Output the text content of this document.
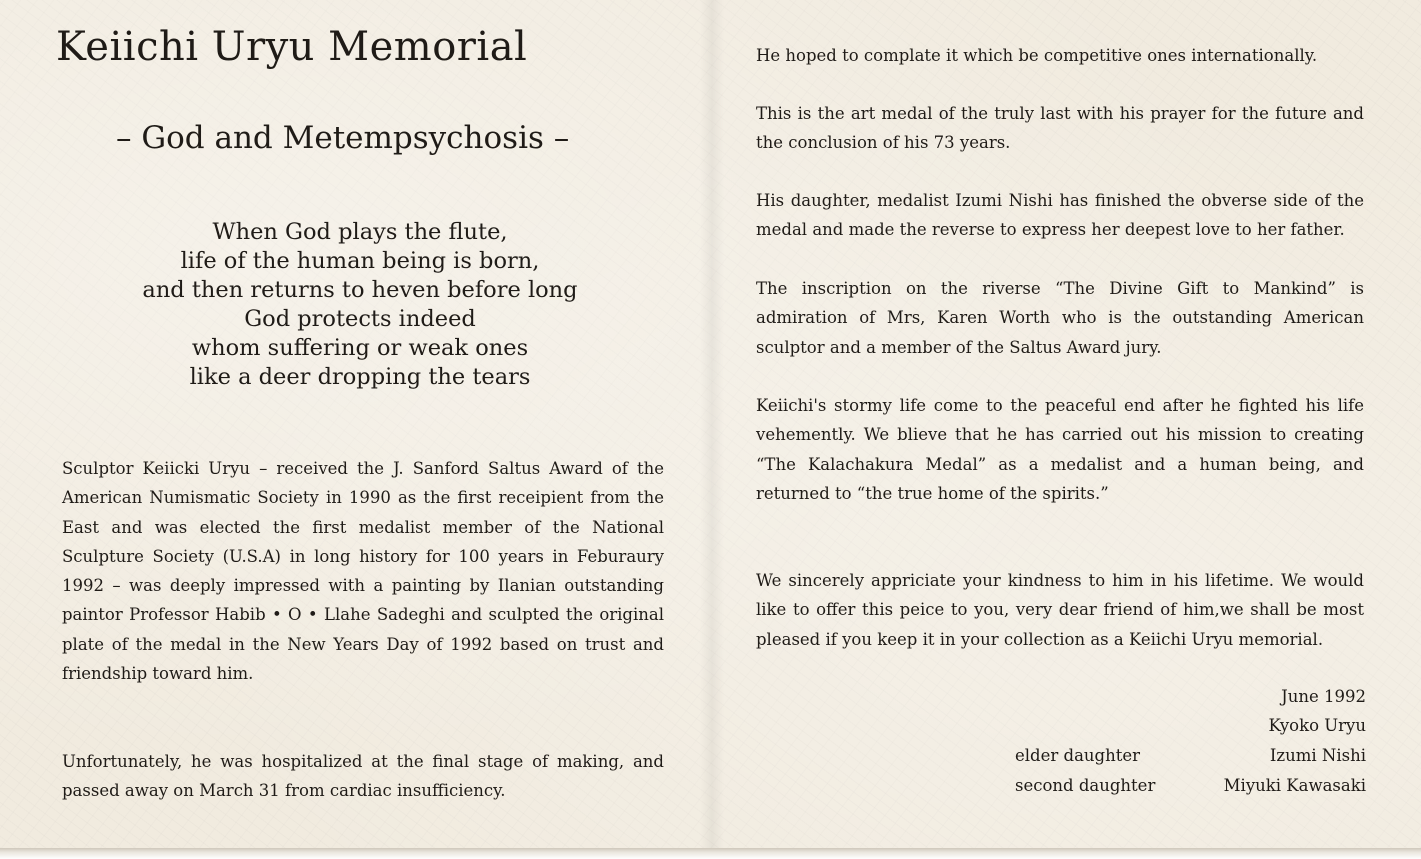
Keiichi Uryu Memorial
– God and Metempsychosis –
When God plays the flute,
life of the human being is born,
and then returns to heven before long
God protects indeed
whom suffering or weak ones
like a deer dropping the tears

Sculptor Keiicki Uryu – received the J. Sanford Saltus Award of the American Numismatic Society in 1990 as the first receipient from the East and was elected the first medalist member of the National Sculpture Society (U.S.A) in long history for 100 years in Feburaury 1992 – was deeply impressed with a painting by Ilanian outstanding paintor Professor Habib • O • Llahe Sadeghi and sculpted the original plate of the medal in the New Years Day of 1992 based on trust and friendship toward him.

Unfortunately, he was hospitalized at the final stage of making, and passed away on March 31 from cardiac insufficiency.

He hoped to complate it which be competitive ones internationally.

This is the art medal of the truly last with his prayer for the future and the conclusion of his 73 years.

His daughter, medalist Izumi Nishi has finished the obverse side of the medal and made the reverse to express her deepest love to her father.

The inscription on the riverse “The Divine Gift to Mankind” is admiration of Mrs, Karen Worth who is the outstanding American sculptor and a member of the Saltus Award jury.

Keiichi's stormy life come to the peaceful end after he fighted his life vehemently. We blieve that he has carried out his mission to creating “The Kalachakura Medal” as a medalist and a human being, and returned to “the true home of the spirits.”

We sincerely appriciate your kindness to him in his lifetime. We would like to offer this peice to you, very dear friend of him,we shall be most pleased if you keep it in your collection as a Keiichi Uryu memorial.

June 1992
Kyoko Uryu
elder daughter	Izumi Nishi
second daughter	Miyuki Kawasaki
